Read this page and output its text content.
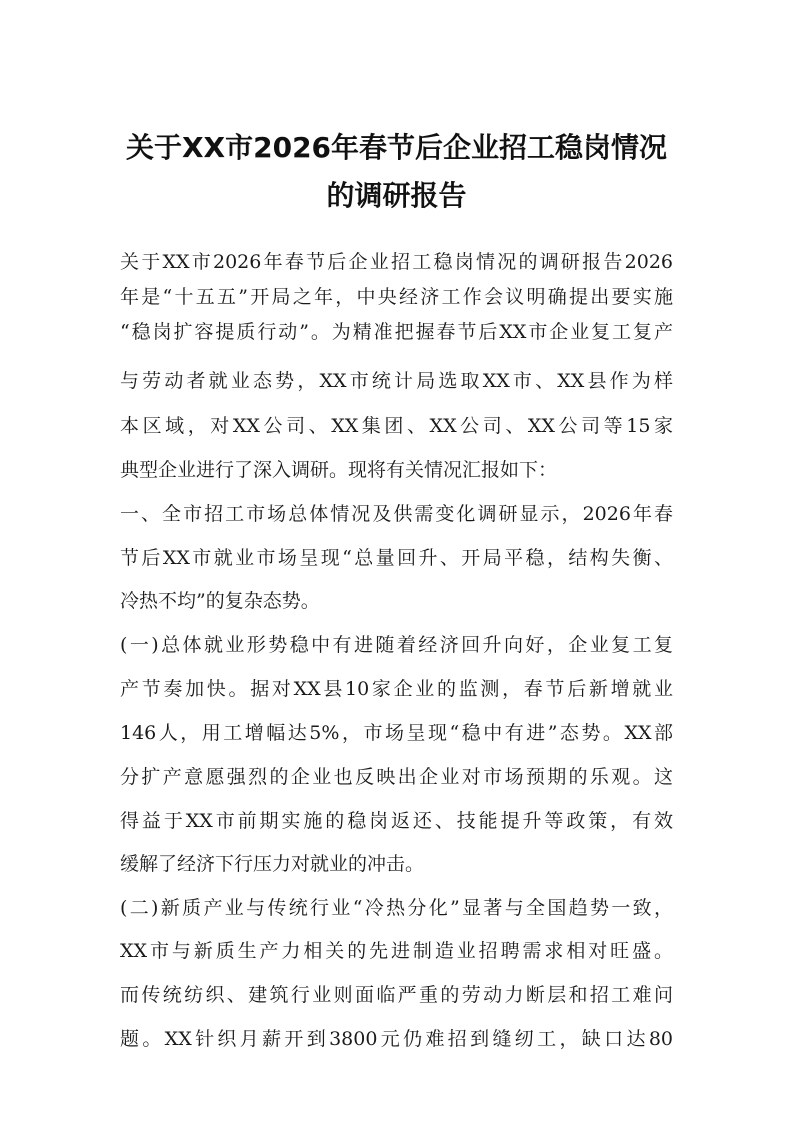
关于XX市2026年春节后企业招工稳岗情况
的调研报告

关于XX市2026年春节后企业招工稳岗情况的调研报告2026

年是“十五五”开局之年，中央经济工作会议明确提出要实施

“稳岗扩容提质行动”。为精准把握春节后XX市企业复工复产

与劳动者就业态势，XX市统计局选取XX市、XX县作为样

本区域，对XX公司、XX集团、XX公司、XX公司等15家

典型企业进行了深入调研。现将有关情况汇报如下：

一、全市招工市场总体情况及供需变化调研显示，2026年春

节后XX市就业市场呈现“总量回升、开局平稳，结构失衡、

冷热不均”的复杂态势。

(一)总体就业形势稳中有进随着经济回升向好，企业复工复

产节奏加快。据对XX县10家企业的监测，春节后新增就业

146人，用工增幅达5%，市场呈现“稳中有进”态势。XX部

分扩产意愿强烈的企业也反映出企业对市场预期的乐观。这

得益于XX市前期实施的稳岗返还、技能提升等政策，有效

缓解了经济下行压力对就业的冲击。

(二)新质产业与传统行业“冷热分化”显著与全国趋势一致，

XX市与新质生产力相关的先进制造业招聘需求相对旺盛。

而传统纺织、建筑行业则面临严重的劳动力断层和招工难问

题。XX针织月薪开到3800元仍难招到缝纫工，缺口达80
